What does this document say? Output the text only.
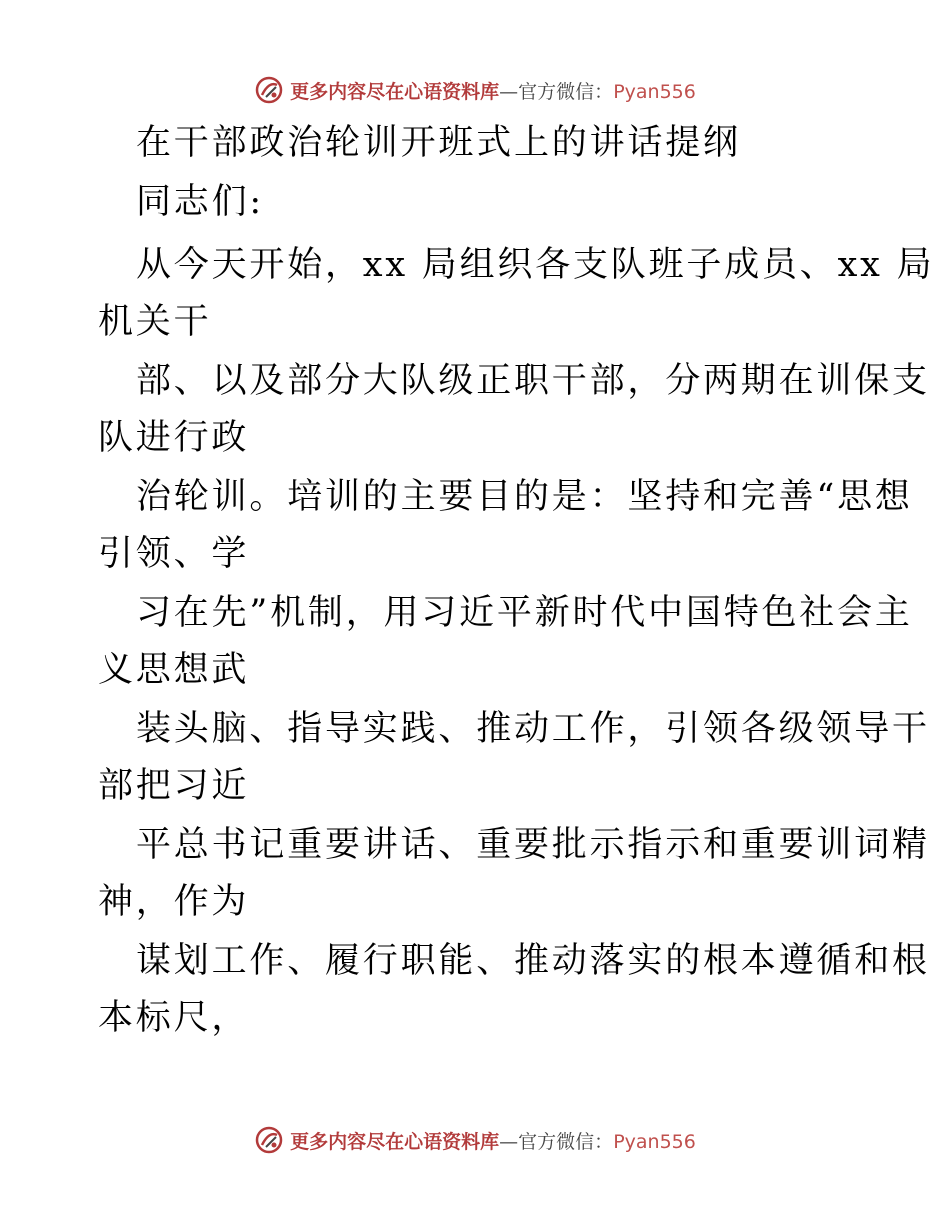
更多内容尽在心语资料库—官方微信：Pyan556
在干部政治轮训开班式上的讲话提纲
同志们:
从今天开始，xx 局组织各支队班子成员、xx 局
机关干
部、以及部分大队级正职干部，分两期在训保支
队进行政
治轮训。培训的主要目的是：坚持和完善“思想
引领、学
习在先”机制，用习近平新时代中国特色社会主
义思想武
装头脑、指导实践、推动工作，引领各级领导干
部把习近
平总书记重要讲话、重要批示指示和重要训词精
神，作为
谋划工作、履行职能、推动落实的根本遵循和根
本标尺，
更多内容尽在心语资料库—官方微信：Pyan556
